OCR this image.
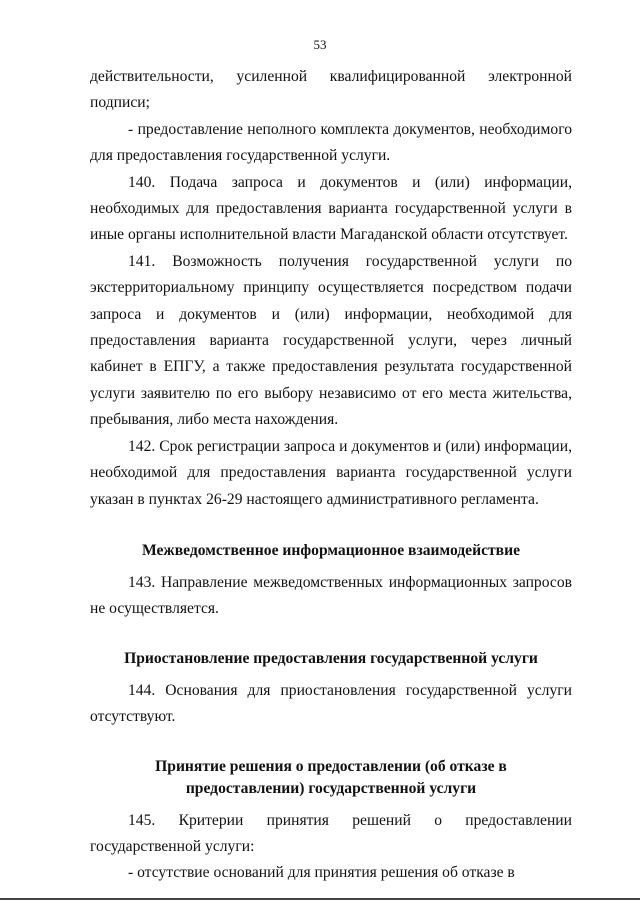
53

действительности, усиленной квалифицированной электронной подписи;

- предоставление неполного комплекта документов, необходимого для предоставления государственной услуги.

140. Подача запроса и документов и (или) информации, необходимых для предоставления варианта государственной услуги в иные органы исполнительной власти Магаданской области отсутствует.

141. Возможность получения государственной услуги по экстерриториальному принципу осуществляется посредством подачи запроса и документов и (или) информации, необходимой для предоставления варианта государственной услуги, через личный кабинет в ЕПГУ, а также предоставления результата государственной услуги заявителю по его выбору независимо от его места жительства, пребывания, либо места нахождения.

142. Срок регистрации запроса и документов и (или) информации, необходимой для предоставления варианта государственной услуги указан в пунктах 26-29 настоящего административного регламента.

Межведомственное информационное взаимодействие

143. Направление межведомственных информационных запросов не осуществляется.

Приостановление предоставления государственной услуги

144. Основания для приостановления государственной услуги отсутствуют.

Принятие решения о предоставлении (об отказе в

предоставлении) государственной услуги

145. Критерии принятия решений о предоставлении государственной услуги:

- отсутствие оснований для принятия решения об отказе в
